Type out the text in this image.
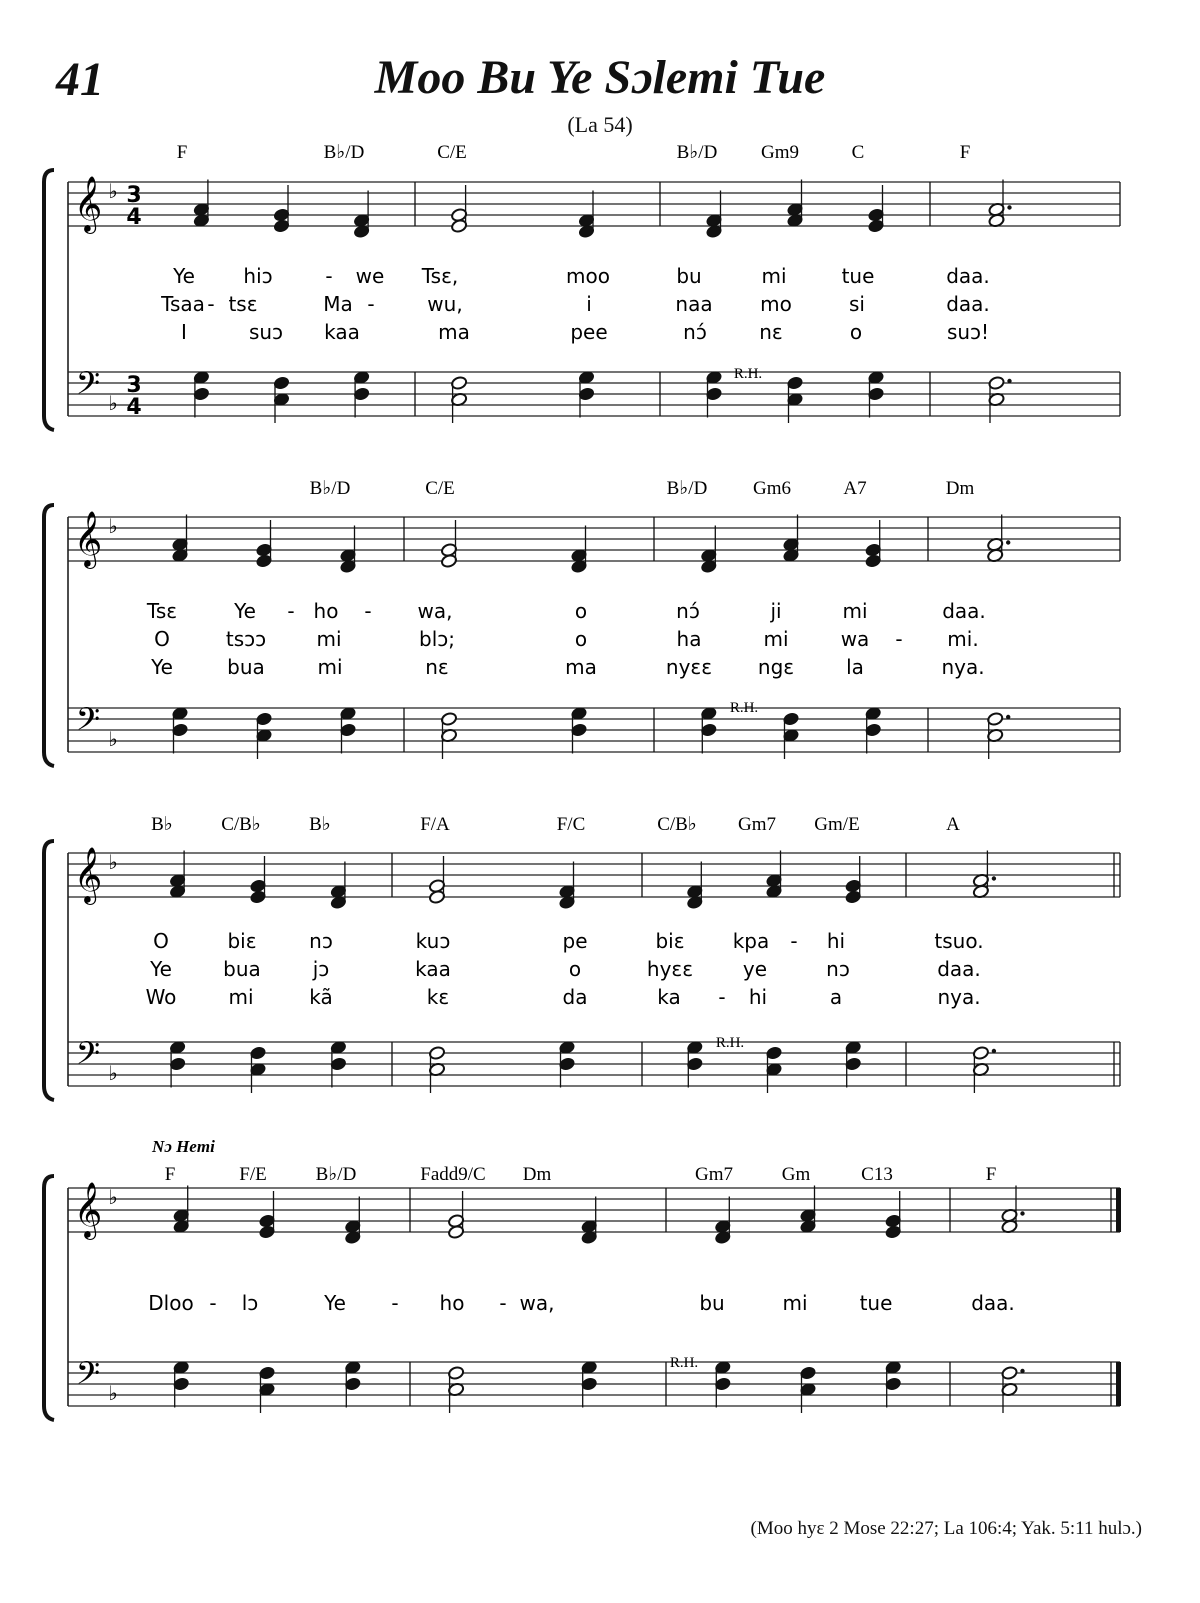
41	Moo Bu Ye Sɔlemi Tue
(La 54)
𝄞
𝄢
♭
♭
3
4
3
4
F	B♭/D	C/E	B♭/D Gm9	C	F
Ye hiɔ	- we Tsɛ,	moo	bu	mi	tue	daa.
Tsaa - tsɛ	Ma -	wu,	i	naa mo	si	daa.
I	suɔ kaa	ma	pee	nɔ́	nɛ	o	suɔ!
R.H.
𝄞
𝄢
♭
♭
B♭/D	C/E	B♭/D Gm6	A7	Dm
Tsɛ	Ye - ho - wa,	o	nɔ́	ji	mi	daa.
O	tsɔɔ	mi	blɔ;	o	ha	mi	wa - mi.
Ye	bua	mi	nɛ	ma	nyɛɛ ngɛ	la	nya.
R.H.
𝄞
𝄢
♭
♭
B♭	C/B♭	B♭	F/A	F/C	C/B♭ Gm7 Gm/E	A
O	biɛ	nɔ	kuɔ	pe	biɛ kpa - hi	tsuo.
Ye	bua	jɔ	kaa	o	hyɛɛ ye	nɔ	daa.
Wo	mi	kã	kɛ	da	ka - hi	a	nya.
R.H.
𝄞
𝄢
♭
♭
Nɔ Hemi
F	F/E	B♭/D	Fadd9/C Dm	Gm7	Gm	C13	F
Dloo - lɔ	Ye - ho - wa,	bu	mi	tue	daa.
R.H.
(Moo hyɛ 2 Mose 22:27; La 106:4; Yak. 5:11 hulɔ.)
